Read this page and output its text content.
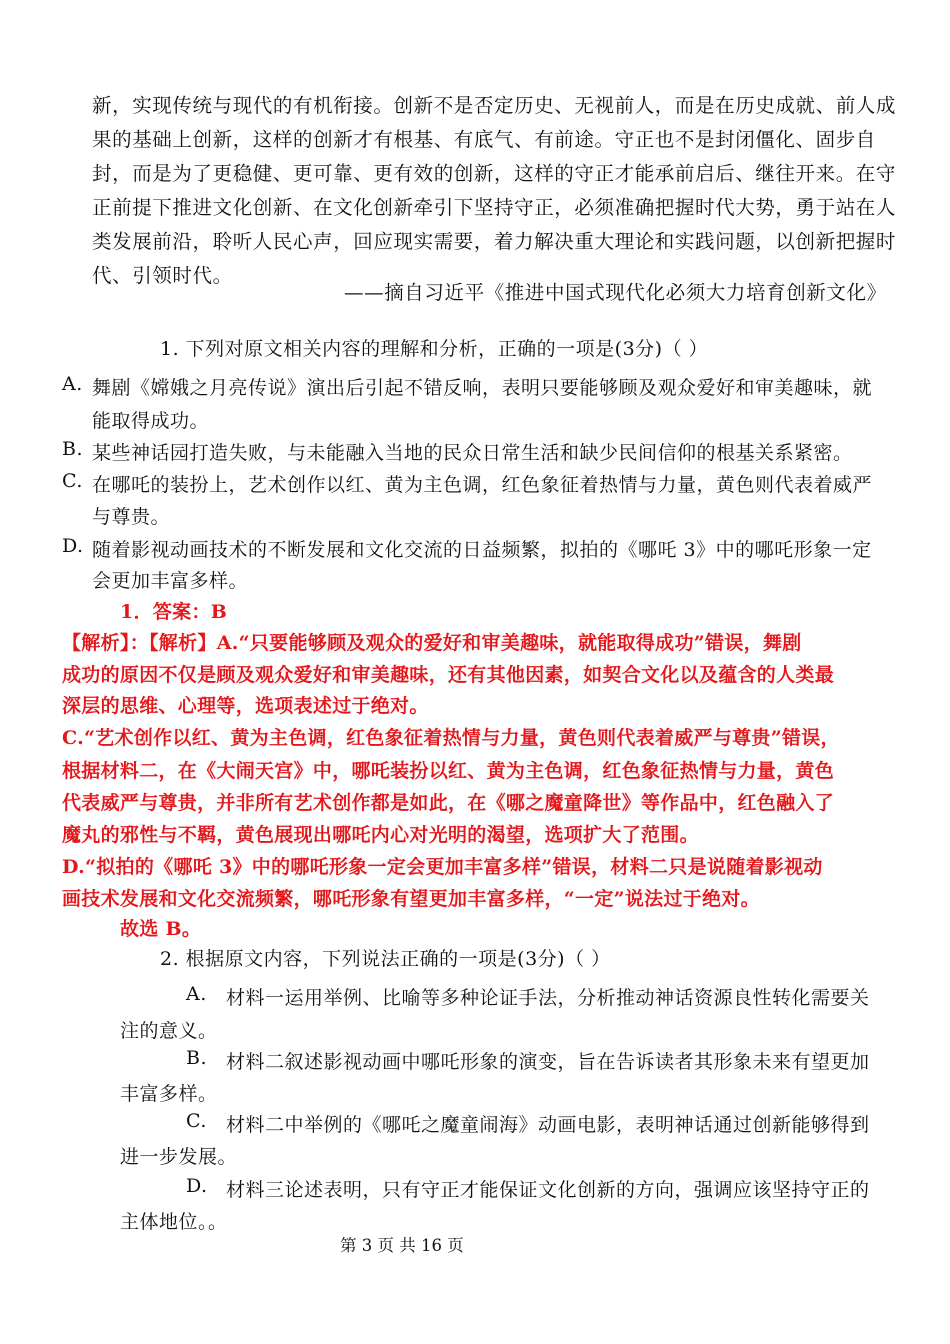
新，实现传统与现代的有机衔接。创新不是否定历史、无视前人，而是在历史成就、前人成
果的基础上创新，这样的创新才有根基、有底气、有前途。守正也不是封闭僵化、固步自
封，而是为了更稳健、更可靠、更有效的创新，这样的守正才能承前启后、继往开来。在守
正前提下推进文化创新、在文化创新牵引下坚持守正，必须准确把握时代大势，勇于站在人
类发展前沿，聆听人民心声，回应现实需要，着力解决重大理论和实践问题，以创新把握时
代、引领时代。
——摘自习近平《推进中国式现代化必须大力培育创新文化》
1. 下列对原文相关内容的理解和分析，正确的一项是(3分)（ ）
A. 舞剧《嫦娥之月亮传说》演出后引起不错反响，表明只要能够顾及观众爱好和审美趣味，就
能取得成功。
B. 某些神话园打造失败，与未能融入当地的民众日常生活和缺少民间信仰的根基关系紧密。
C. 在哪吒的装扮上，艺术创作以红、黄为主色调，红色象征着热情与力量，黄色则代表着威严
与尊贵。
D. 随着影视动画技术的不断发展和文化交流的日益频繁，拟拍的《哪吒 3》中的哪吒形象一定
会更加丰富多样。
1．答案：B
【解析】：【解析】A.“只要能够顾及观众的爱好和审美趣味，就能取得成功”错误，舞剧
成功的原因不仅是顾及观众爱好和审美趣味，还有其他因素，如契合文化以及蕴含的人类最
深层的思维、心理等，选项表述过于绝对。
C.“艺术创作以红、黄为主色调，红色象征着热情与力量，黄色则代表着威严与尊贵”错误，
根据材料二，在《大闹天宫》中，哪吒装扮以红、黄为主色调，红色象征热情与力量，黄色
代表威严与尊贵，并非所有艺术创作都是如此，在《哪之魔童降世》等作品中，红色融入了
魔丸的邪性与不羁，黄色展现出哪吒内心对光明的渴望，选项扩大了范围。
D.“拟拍的《哪吒 3》中的哪吒形象一定会更加丰富多样”错误，材料二只是说随着影视动
画技术发展和文化交流频繁，哪吒形象有望更加丰富多样，“一定”说法过于绝对。
故选 B。
2. 根据原文内容，下列说法正确的一项是(3分)（ ）
A. 材料一运用举例、比喻等多种论证手法，分析推动神话资源良性转化需要关
注的意义。
B. 材料二叙述影视动画中哪吒形象的演变，旨在告诉读者其形象未来有望更加
丰富多样。
C. 材料二中举例的《哪吒之魔童闹海》动画电影，表明神话通过创新能够得到
进一步发展。
D. 材料三论述表明，只有守正才能保证文化创新的方向，强调应该坚持守正的
主体地位。。
第 3 页 共 16 页
